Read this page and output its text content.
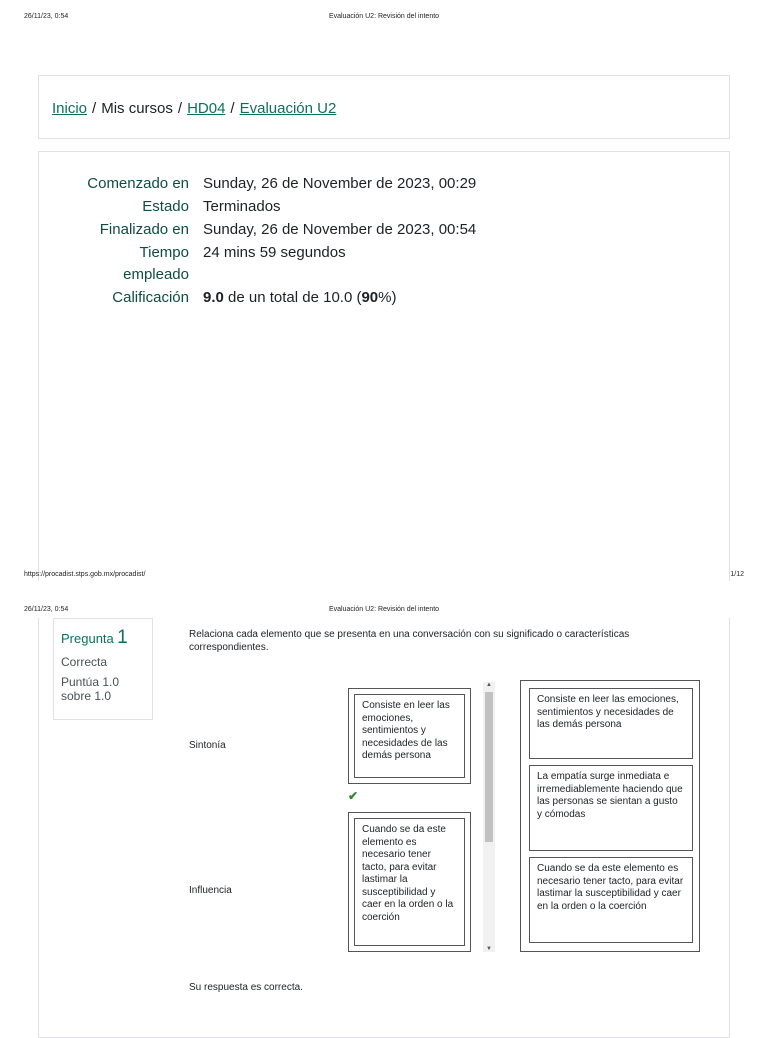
26/11/23, 0:54	Evaluación U2: Revisión del intento
Inicio / Mis cursos / HD04 / Evaluación U2
Comenzado en Sunday, 26 de November de 2023, 00:29
Estado Terminados
Finalizado en Sunday, 26 de November de 2023, 00:54
Tiempo
empleado
24 mins 59 segundos
Calificación 9.0 de un total de 10.0 (90%)
https://procadist.stps.gob.mx/procadist/	1/12
26/11/23, 0:54	Evaluación U2: Revisión del intento
Pregunta 1
Correcta
Puntúa 1.0
sobre 1.0
Relaciona cada elemento que se presenta en una conversación con su significado o características correspondientes.
Sintonía
Influencia
Consiste en leer las emociones, sentimientos y necesidades de las demás persona
✔
Cuando se da este elemento es necesario tener tacto, para evitar lastimar la susceptibilidad y caer en la orden o la coerción
▲
▼
Consiste en leer las emociones, sentimientos y necesidades de las demás persona
La empatía surge inmediata e irremediablemente haciendo que las personas se sientan a gusto y cómodas
Cuando se da este elemento es necesario tener tacto, para evitar lastimar la susceptibilidad y caer en la orden o la coerción
Su respuesta es correcta.
